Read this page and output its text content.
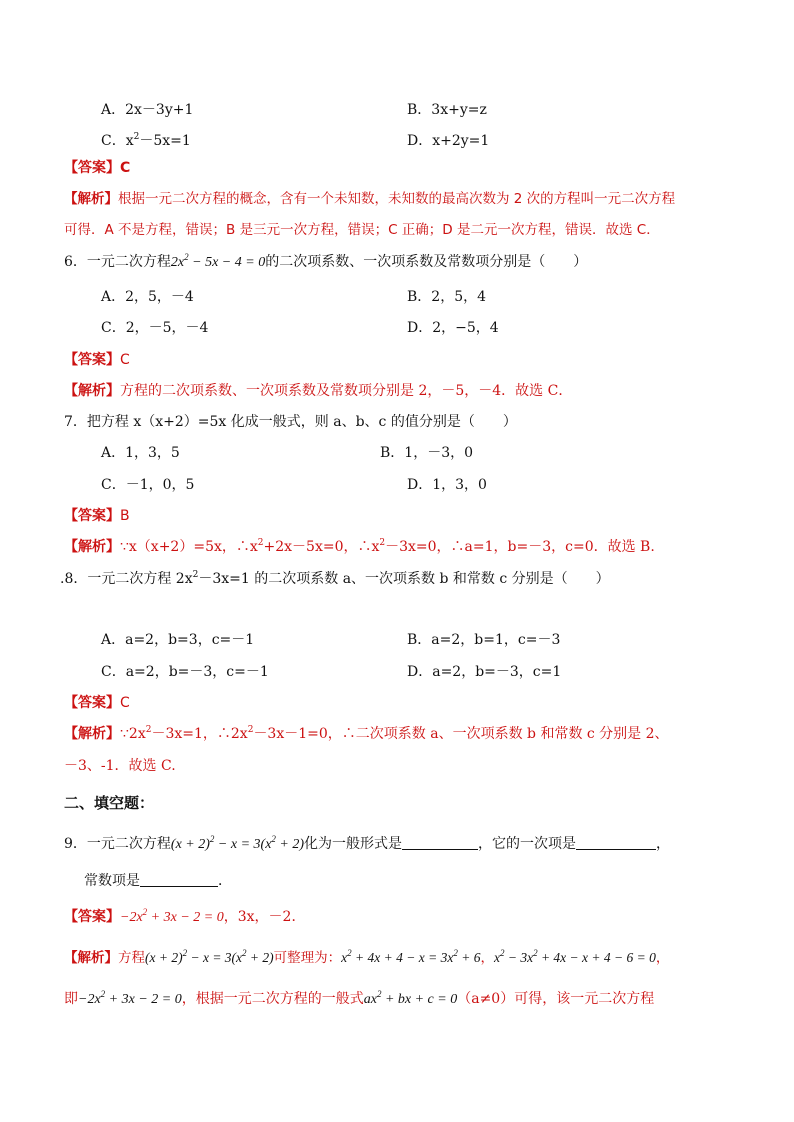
A．2x－3y+1	B．3x+y=z
C．$x^2-5x=1$	D．x+2y=1
【答案】C
【解析】根据一元二次方程的概念，含有一个未知数，未知数的最高次数为 2 次的方程叫一元二次方程
可得．A 不是方程，错误；B 是三元一次方程，错误；C 正确；D 是二元一次方程，错误．故选 C．
6．一元二次方程$2x^2 - 5x - 4 = 0$的二次项系数、一次项系数及常数项分别是（　　）
A．2，5，－4	B．2，5，4
C．2，－5，－4	D．2，−5，4
【答案】C
【解析】方程的二次项系数、一次项系数及常数项分别是 2，－5，－4．故选 C．
7．把方程 x（x+2）=5x 化成一般式，则 a、b、c 的值分别是（　　）
A．1，3，5	B．1，－3，0
C．－1，0，5	D．1，3，0
【答案】B
【解析】∵x（x+2）=5x，$\therefore x^2+2x-5x=0$，$\therefore x^2-3x=0$，∴a=1，b=－3，c=0．故选 B.
.8．一元二次方程 $2x^2-3x=1$ 的二次项系数 a、一次项系数 b 和常数 c 分别是（　　）
A．a=2，b=3，c=－1	B．a=2，b=1，c=－3
C．a=2，b=－3，c=－1	D．a=2，b=－3，c=1
【答案】C
【解析】$\because 2x^2-3x=1$，$\therefore 2x^2-3x-1=0$，∴二次项系数 a、一次项系数 b 和常数 c 分别是 2、
－3、-1．故选 C.
二、填空题：
9．一元二次方程$(x + 2)^2 - x = 3(x^2 + 2)$化为一般形式是	，它的一次项是	，
常数项是	．
【答案】$-2x^2 + 3x - 2 = 0$，3x，－2．
【解析】方程$(x + 2)^2 - x = 3(x^2 + 2)$可整理为：$x^2 + 4x + 4 - x = 3x^2 + 6$，$x^2 - 3x^2 + 4x - x + 4 - 6 = 0$，
即$-2x^2 + 3x - 2 = 0$，根据一元二次方程的一般式$ax^2$ + bx + c = 0（a≠0）可得，该一元二次方程
